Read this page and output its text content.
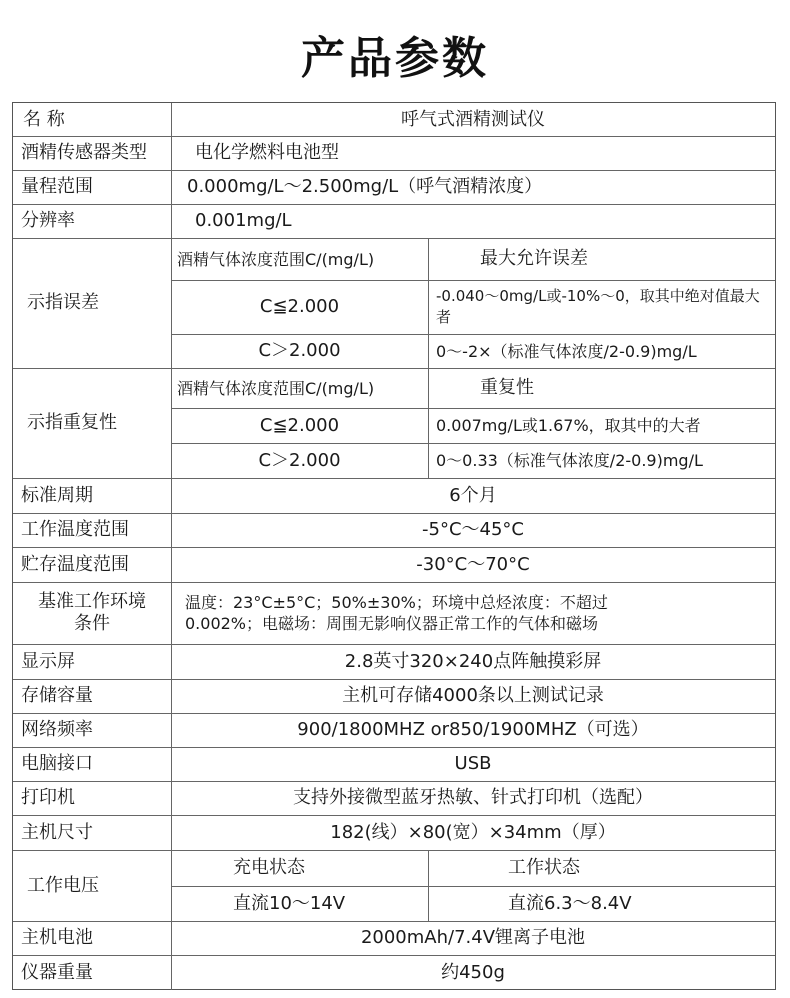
产品参数
名 称	呼气式酒精测试仪
酒精传感器类型	电化学燃料电池型
量程范围	0.000mg/L～2.500mg/L（呼气酒精浓度）
分辨率	0.001mg/L
示指误差
酒精气体浓度范围C/(mg/L)	最大允许误差
C≦2.000	-0.040～0mg/L或-10%～0，取其中绝对值最大者
C＞2.000	0～-2×（标准气体浓度/2-0.9)mg/L
示指重复性
酒精气体浓度范围C/(mg/L)	重复性
C≦2.000	0.007mg/L或1.67%，取其中的大者
C＞2.000	0～0.33（标准气体浓度/2-0.9)mg/L
标准周期	6个月
工作温度范围	-5°C～45°C
贮存温度范围	-30°C～70°C
基准工作环境
条件
温度：23°C±5°C；50%±30%；环境中总烃浓度：不超过
0.002%；电磁场：周围无影响仪器正常工作的气体和磁场
显示屏	2.8英寸320×240点阵触摸彩屏
存储容量	主机可存储4000条以上测试记录
网络频率	900/1800MHZ or850/1900MHZ（可选）
电脑接口	USB
打印机	支持外接微型蓝牙热敏、针式打印机（选配）
主机尺寸	182(线）×80(宽）×34mm（厚）
工作电压
充电状态	工作状态
直流10～14V	直流6.3～8.4V
主机电池	2000mAh/7.4V锂离子电池
仪器重量	约450g
